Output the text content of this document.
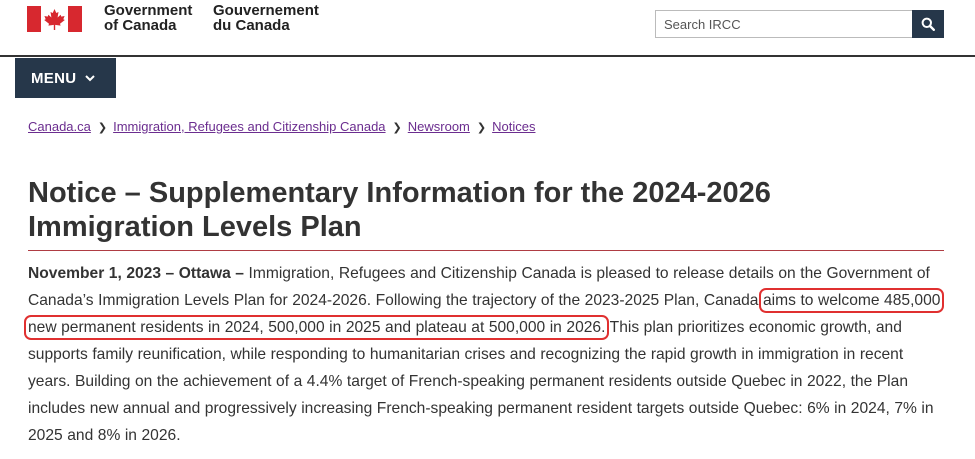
Government
of Canada
Gouvernement
du Canada
Search IRCC
MENU
Canada.ca ❯ Immigration, Refugees and Citizenship Canada ❯ Newsroom ❯ Notices
Notice – Supplementary Information for the 2024-2026 Immigration Levels Plan

November 1, 2023 – Ottawa – Immigration, Refugees and Citizenship Canada is pleased to release details on the Government of Canada’s Immigration Levels Plan for 2024-2026. Following the trajectory of the 2023-2025 Plan, Canada aims to welcome 485,000 new permanent residents in 2024, 500,000 in 2025 and plateau at 500,000 in 2026. This plan prioritizes economic growth, and supports family reunification, while responding to humanitarian crises and recognizing the rapid growth in immigration in recent years. Building on the achievement of a 4.4% target of French-speaking permanent residents outside Quebec in 2022, the Plan includes new annual and progressively increasing French-speaking permanent resident targets outside Quebec: 6% in 2024, 7% in 2025 and 8% in 2026.
